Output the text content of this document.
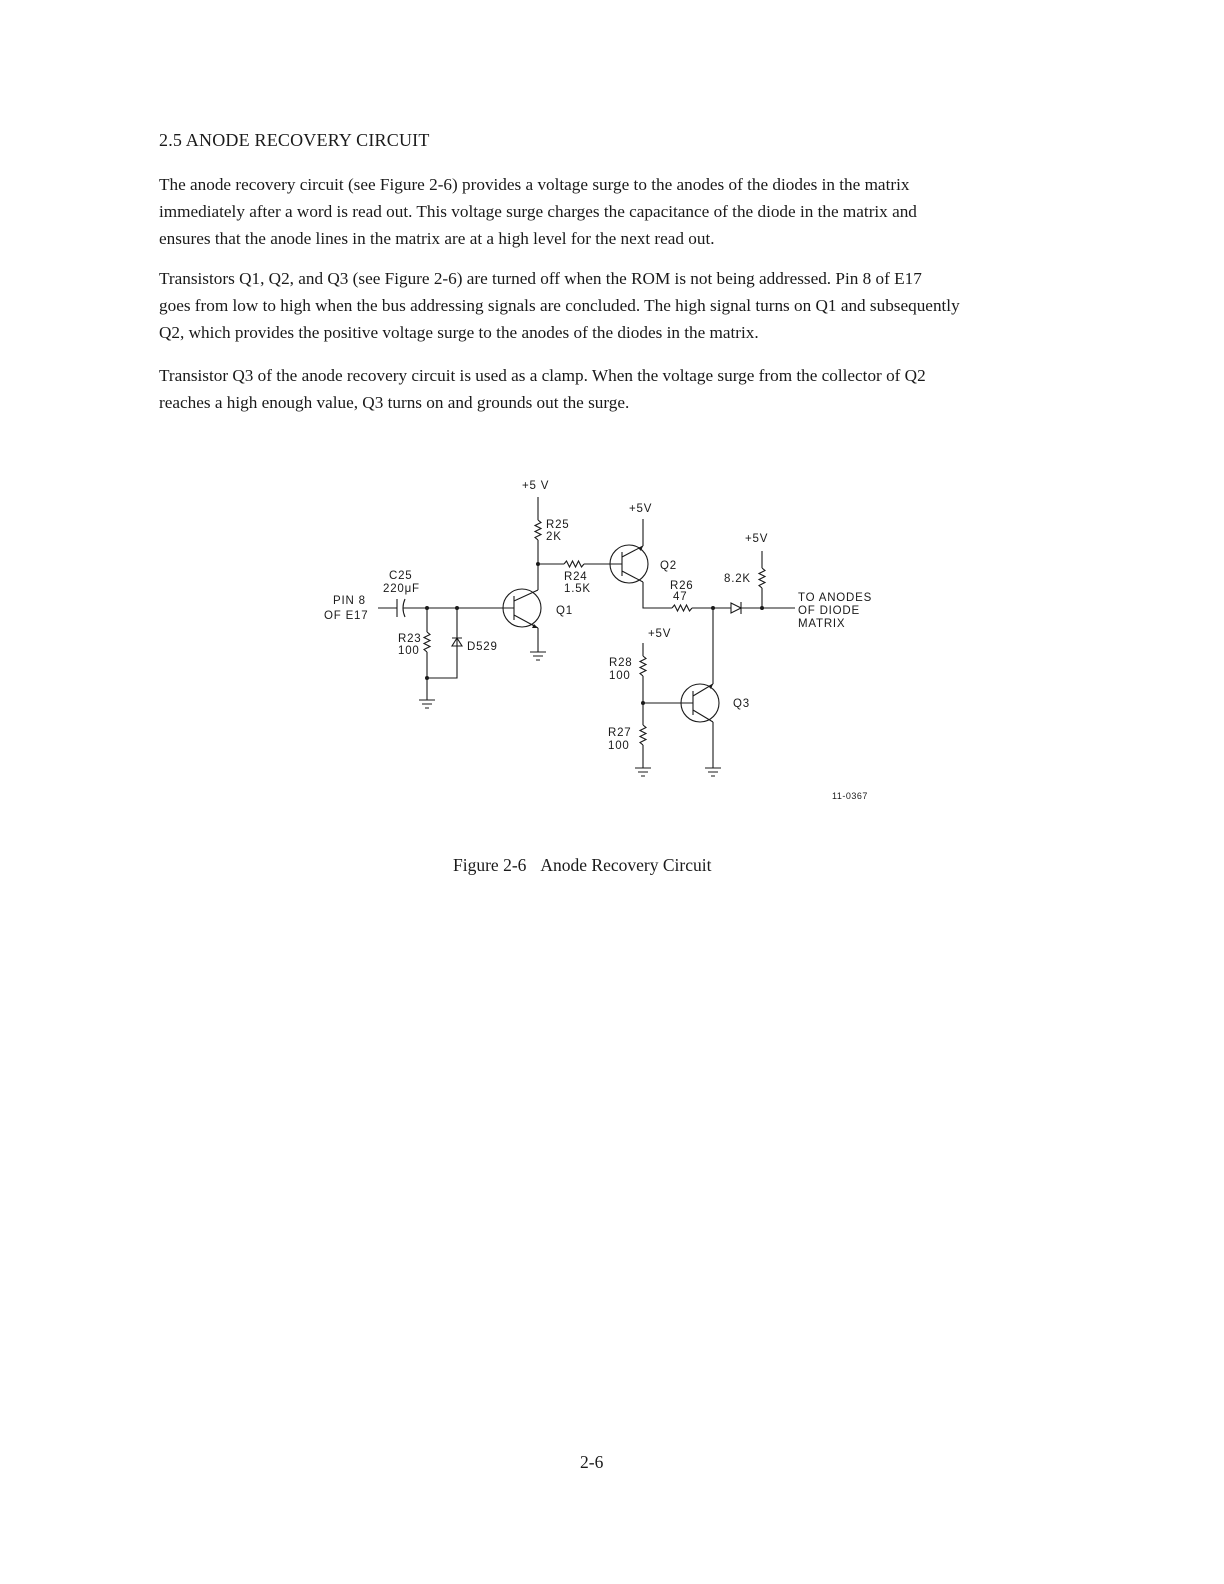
2.5 ANODE RECOVERY CIRCUIT

The anode recovery circuit (see Figure 2-6) provides a voltage surge to the anodes of the diodes in the matrix
immediately after a word is read out. This voltage surge charges the capacitance of the diode in the matrix and
ensures that the anode lines in the matrix are at a high level for the next read out.

Transistors Q1, Q2, and Q3 (see Figure 2-6) are turned off when the ROM is not being addressed. Pin 8 of E17
goes from low to high when the bus addressing signals are concluded. The high signal turns on Q1 and subsequently
Q2, which provides the positive voltage surge to the anodes of the diodes in the matrix.

Transistor Q3 of the anode recovery circuit is used as a clamp. When the voltage surge from the collector of Q2
reaches a high enough value, Q3 turns on and grounds out the surge.

PIN 8
OF E17
C25
220μF
R23
100	D529
Q1
+5 V
R25
2K
R24
1.5K
+5V
Q2
R26
47
+5V
8.2K
TO ANODES
OF DIODE
MATRIX
+5V
R28
100
Q3
R27
100
11-0367

Figure 2-6 Anode Recovery Circuit

2-6
